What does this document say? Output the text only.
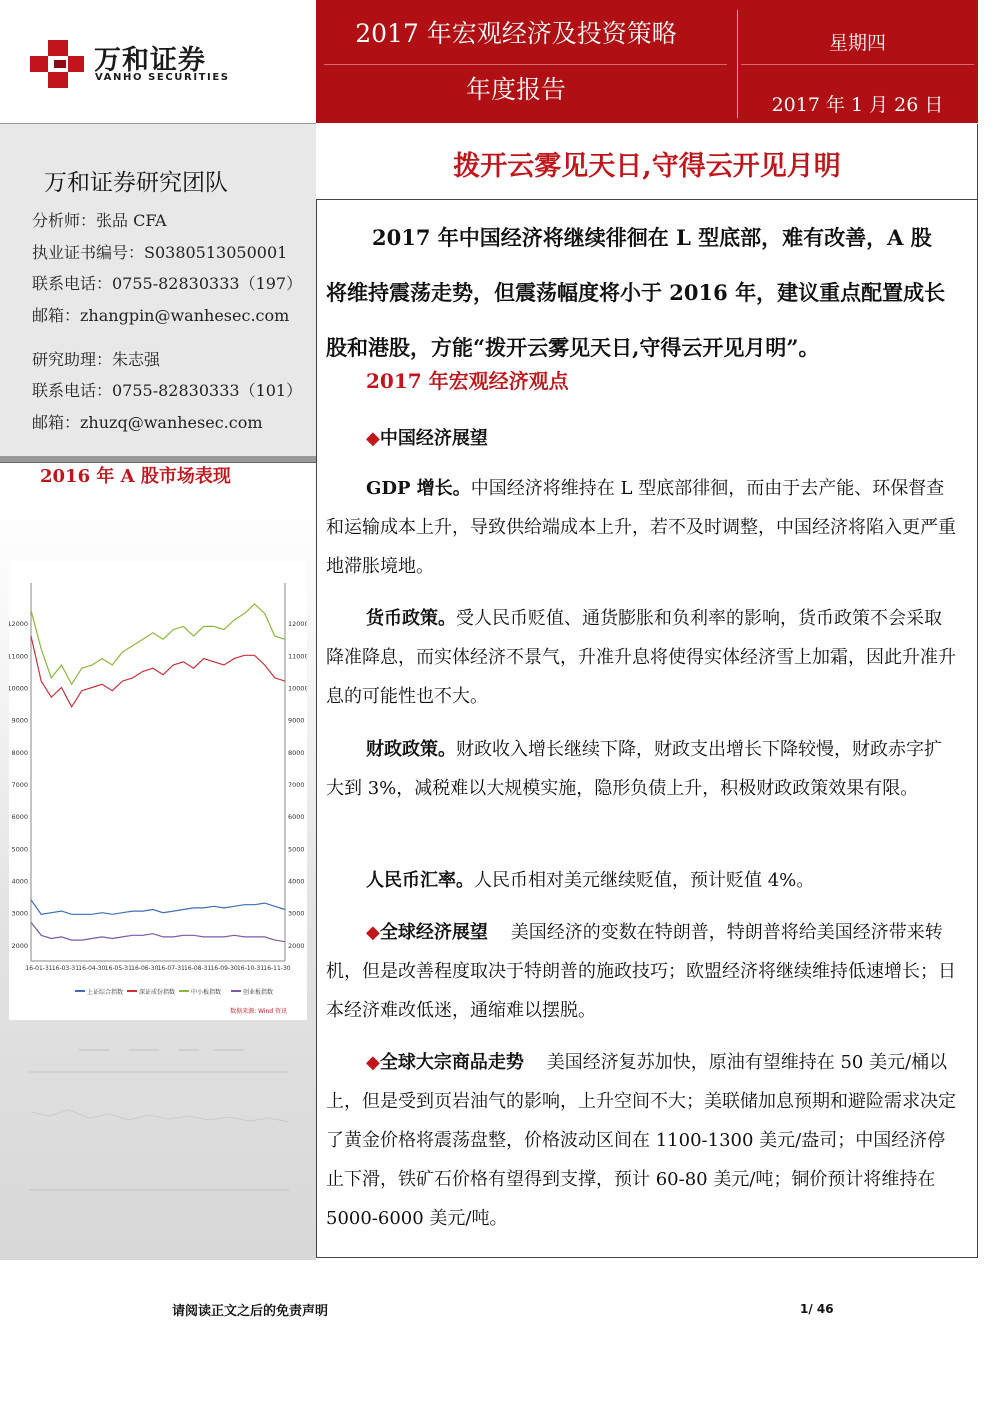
万和证券
VANHO SECURITIES
2017 年宏观经济及投资策略
年度报告
星期四
2017 年 1 月 26 日
万和证券研究团队
分析师：张品 CFA
执业证书编号：S0380513050001
联系电话：0755-82830333（197）
邮箱：zhangpin@wanhesec.com
研究助理：朱志强
联系电话：0755-82830333（101）
邮箱：zhuzq@wanhesec.com
2016 年 A 股市场表现
2000	2000
3000	3000
4000	4000
5000	5000
6000	6000
7000	7000
8000	8000
9000	9000
10000	10000
11000	11000
12000	12000
16-01-31 16-03-31 16-04-30 16-05-31 16-06-30 16-07-31 16-08-31 16-09-30 16-10-31 16-11-30
上证综合指数	深证成份指数	中小板指数	创业板指数
数据来源: Wind 资讯
拨开云雾见天日,守得云开见月明
2017 年中国经济将继续徘徊在 L 型底部，难有改善，A 股将维持震荡走势，但震荡幅度将小于 2016 年，建议重点配置成长股和港股，方能“拨开云雾见天日,守得云开见月明”。
2017 年宏观经济观点
◆中国经济展望
GDP 增长。中国经济将维持在 L 型底部徘徊，而由于去产能、环保督查和运输成本上升，导致供给端成本上升，若不及时调整，中国经济将陷入更严重地滞胀境地。
货币政策。受人民币贬值、通货膨胀和负利率的影响，货币政策不会采取降准降息，而实体经济不景气，升准升息将使得实体经济雪上加霜，因此升准升息的可能性也不大。
财政政策。财政收入增长继续下降，财政支出增长下降较慢，财政赤字扩大到 3%，减税难以大规模实施，隐形负债上升，积极财政政策效果有限。
人民币汇率。人民币相对美元继续贬值，预计贬值 4%。
◆全球经济展望 美国经济的变数在特朗普，特朗普将给美国经济带来转机，但是改善程度取决于特朗普的施政技巧；欧盟经济将继续维持低速增长；日本经济难改低迷，通缩难以摆脱。
◆全球大宗商品走势 美国经济复苏加快，原油有望维持在 50 美元/桶以上，但是受到页岩油气的影响，上升空间不大；美联储加息预期和避险需求决定了黄金价格将震荡盘整，价格波动区间在 1100-1300 美元/盎司；中国经济停止下滑，铁矿石价格有望得到支撑，预计 60-80 美元/吨；铜价预计将维持在 5000-6000 美元/吨。
请阅读正文之后的免责声明	1/ 46
